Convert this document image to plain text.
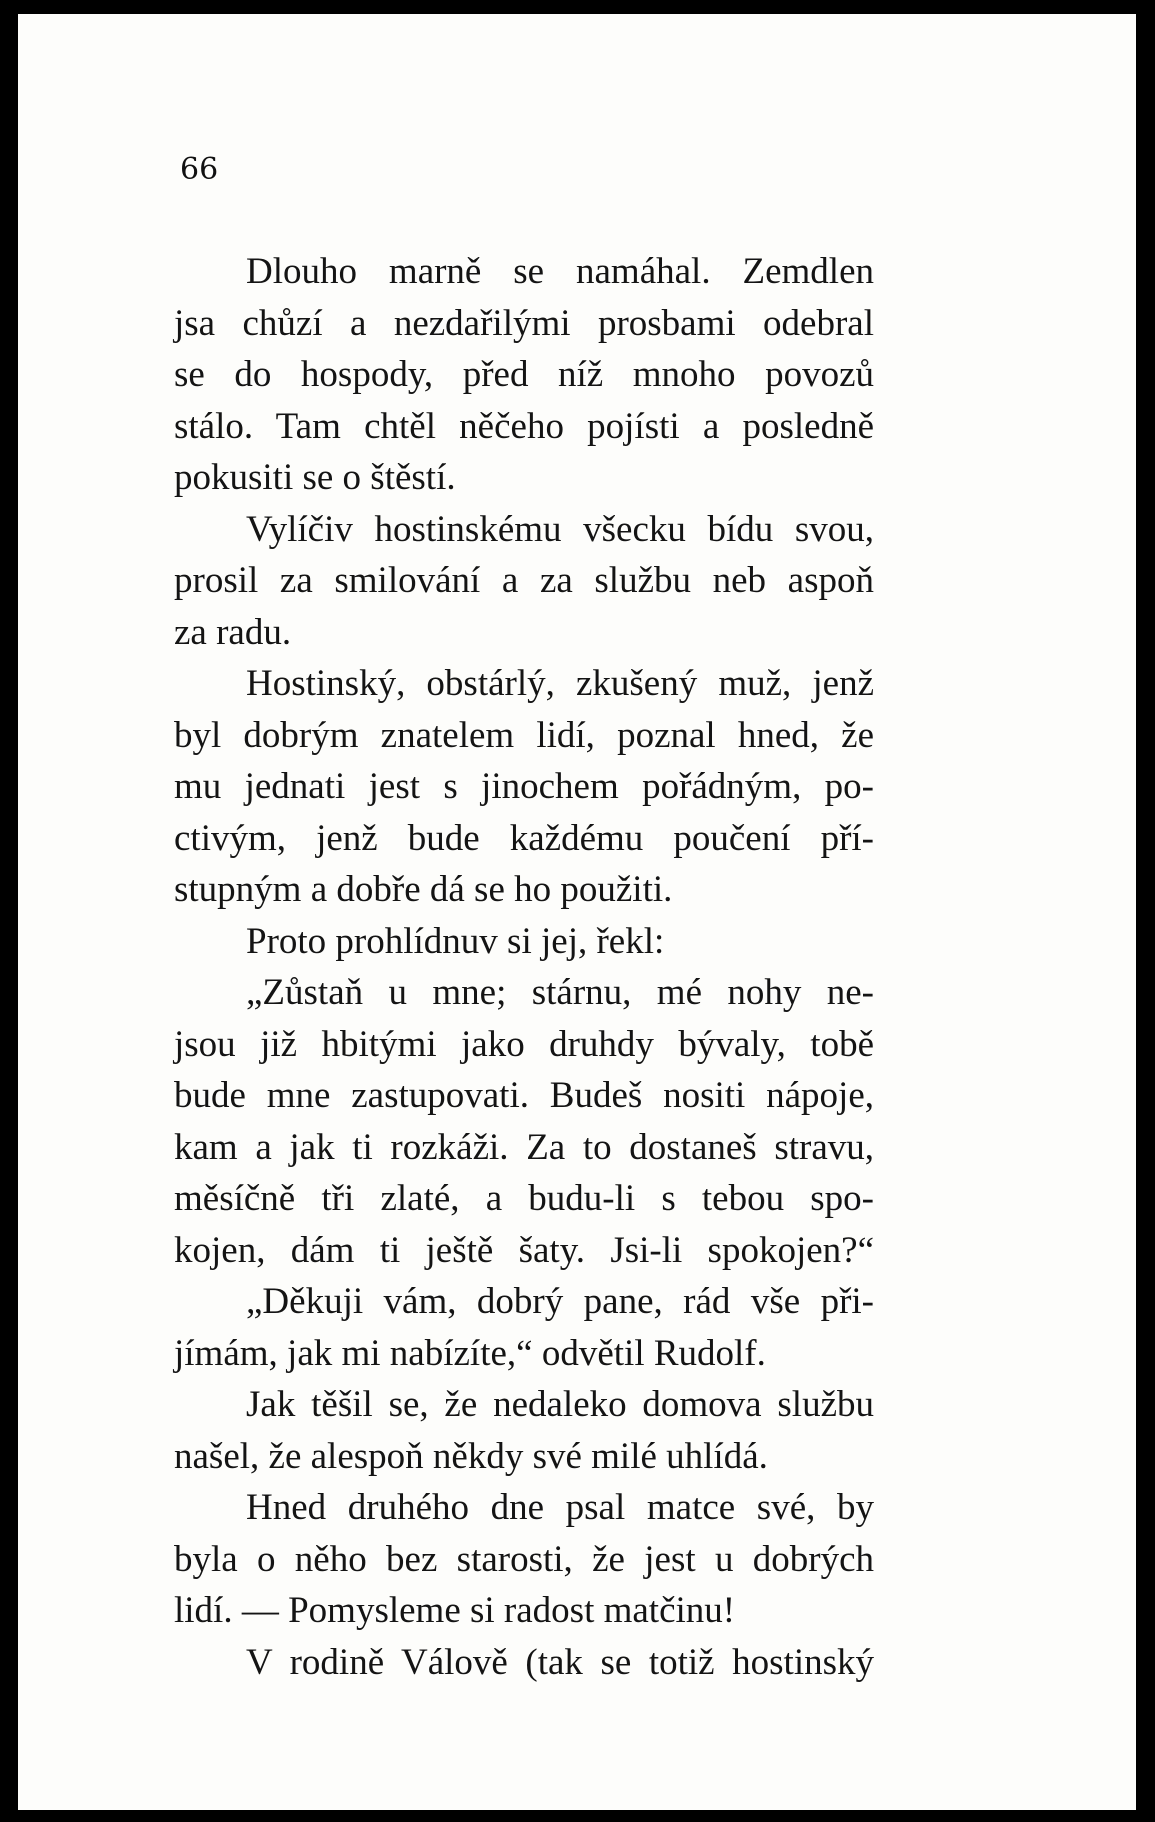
66

Dlouho marně se namáhal. Zemdlen
jsa chůzí a nezdařilými prosbami odebral
se do hospody, před níž mnoho povozů
stálo. Tam chtěl něčeho pojísti a posledně
pokusiti se o štěstí.
Vylíčiv hostinskému všecku bídu svou,
prosil za smilování a za službu neb aspoň
za radu.
Hostinský, obstárlý, zkušený muž, jenž
byl dobrým znatelem lidí, poznal hned, že
mu jednati jest s jinochem pořádným, po-
ctivým, jenž bude každému poučení pří-
stupným a dobře dá se ho použiti.
Proto prohlídnuv si jej, řekl:
„Zůstaň u mne; stárnu, mé nohy ne-
jsou již hbitými jako druhdy bývaly, tobě
bude mne zastupovati. Budeš nositi nápoje,
kam a jak ti rozkáži. Za to dostaneš stravu,
měsíčně tři zlaté, a budu-li s tebou spo-
kojen, dám ti ještě šaty. Jsi-li spokojen?“
„Děkuji vám, dobrý pane, rád vše při-
jímám, jak mi nabízíte,“ odvětil Rudolf.
Jak těšil se, že nedaleko domova službu
našel, že alespoň někdy své milé uhlídá.
Hned druhého dne psal matce své, by
byla o něho bez starosti, že jest u dobrých
lidí. — Pomysleme si radost matčinu!
V rodině Válově (tak se totiž hostinský
